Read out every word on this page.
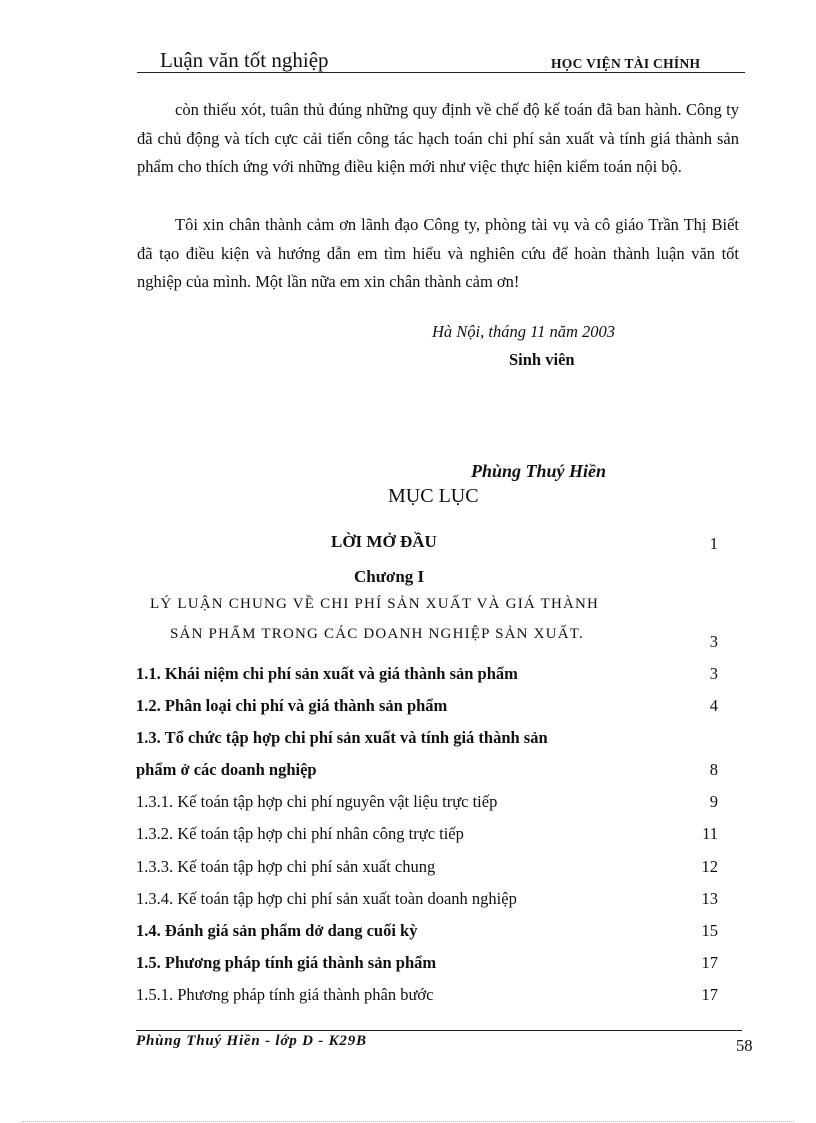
Luận văn tốt nghiệp	HỌC VIỆN TÀI CHÍNH
còn thiếu xót, tuân thủ đúng những quy định về chế độ kế toán đã ban hành. Công ty đã chủ động và tích cực cải tiến công tác hạch toán chi phí sản xuất và tính giá thành sản phẩm cho thích ứng với những điều kiện mới như việc thực hiện kiểm toán nội bộ.
Tôi xin chân thành cảm ơn lãnh đạo Công ty, phòng tài vụ và cô giáo Trần Thị Biết đã tạo điều kiện và hướng dẫn em tìm hiểu và nghiên cứu để hoàn thành luận văn tốt nghiệp của mình. Một lần nữa em xin chân thành cảm ơn!
Hà Nội, tháng 11 năm 2003
Sinh viên
Phùng Thuý Hiền
MỤC LỤC
LỜI MỞ ĐẦU	1
Chương I
LÝ LUẬN CHUNG VỀ CHI PHÍ SẢN XUẤT VÀ GIÁ THÀNH
SẢN PHẨM TRONG CÁC DOANH NGHIỆP SẢN XUẤT.	3
1.1. Khái niệm chi phí sản xuất và giá thành sản phẩm	3
1.2. Phân loại chi phí và giá thành sản phẩm	4
1.3. Tổ chức tập hợp chi phí sản xuất và tính giá thành sản
phẩm ở các doanh nghiệp	8
1.3.1. Kế toán tập hợp chi phí nguyên vật liệu trực tiếp	9
1.3.2. Kế toán tập hợp chi phí nhân công trực tiếp	11
1.3.3. Kế toán tập hợp chi phí sản xuất chung	12
1.3.4. Kế toán tập hợp chi phí sản xuất toàn doanh nghiệp	13
1.4. Đánh giá sản phẩm dở dang cuối kỳ	15
1.5. Phương pháp tính giá thành sản phẩm	17
1.5.1. Phương pháp tính giá thành phân bước	17
Phùng Thuý Hiền - lớp D - K29B	58
